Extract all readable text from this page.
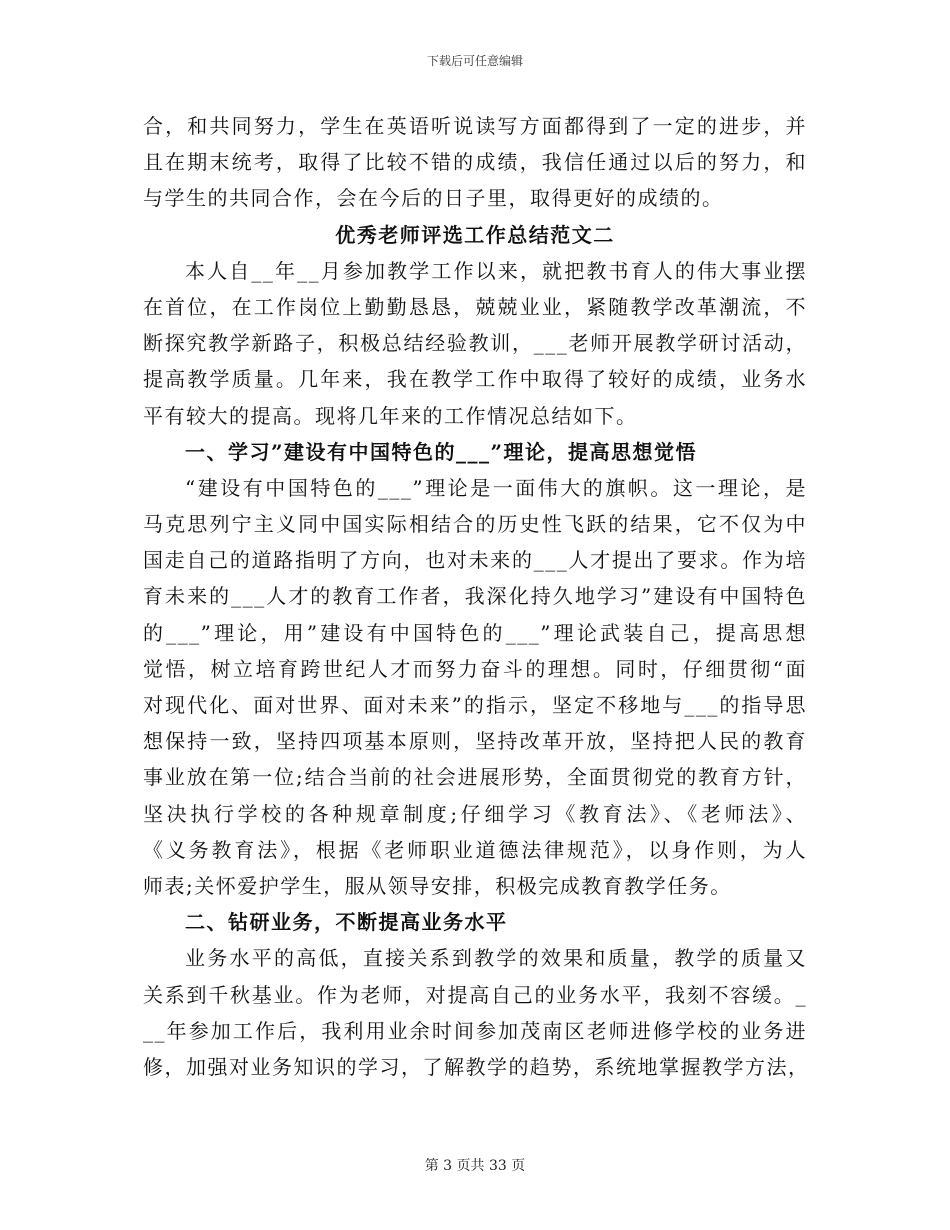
下载后可任意编辑
合，和共同努力，学生在英语听说读写方面都得到了一定的进步，并
且在期末统考，取得了比较不错的成绩，我信任通过以后的努力，和
与学生的共同合作，会在今后的日子里，取得更好的成绩的。
优秀老师评选工作总结范文二
本人自__年__月参加教学工作以来，就把教书育人的伟大事业摆
在首位，在工作岗位上勤勤恳恳，兢兢业业，紧随教学改革潮流，不
断探究教学新路子，积极总结经验教训，___老师开展教学研讨活动，
提高教学质量。几年来，我在教学工作中取得了较好的成绩，业务水
平有较大的提高。现将几年来的工作情况总结如下。
一、学习”建设有中国特色的___”理论，提高思想觉悟
“建设有中国特色的___”理论是一面伟大的旗帜。这一理论，是
马克思列宁主义同中国实际相结合的历史性飞跃的结果，它不仅为中
国走自己的道路指明了方向，也对未来的___人才提出了要求。作为培
育未来的___人才的教育工作者，我深化持久地学习”建设有中国特色
的___”理论，用”建设有中国特色的___”理论武装自己，提高思想
觉悟，树立培育跨世纪人才而努力奋斗的理想。同时，仔细贯彻“面
对现代化、面对世界、面对未来”的指示，坚定不移地与___的指导思
想保持一致，坚持四项基本原则，坚持改革开放，坚持把人民的教育
事业放在第一位;结合当前的社会进展形势，全面贯彻党的教育方针，
坚决执行学校的各种规章制度;仔细学习《教育法》、《老师法》、
《义务教育法》，根据《老师职业道德法律规范》，以身作则，为人
师表;关怀爱护学生，服从领导安排，积极完成教育教学任务。
二、钻研业务，不断提高业务水平
业务水平的高低，直接关系到教学的效果和质量，教学的质量又
关系到千秋基业。作为老师，对提高自己的业务水平，我刻不容缓。_
__年参加工作后，我利用业余时间参加茂南区老师进修学校的业务进
修，加强对业务知识的学习，了解教学的趋势，系统地掌握教学方法，
第 3 页共 33 页
